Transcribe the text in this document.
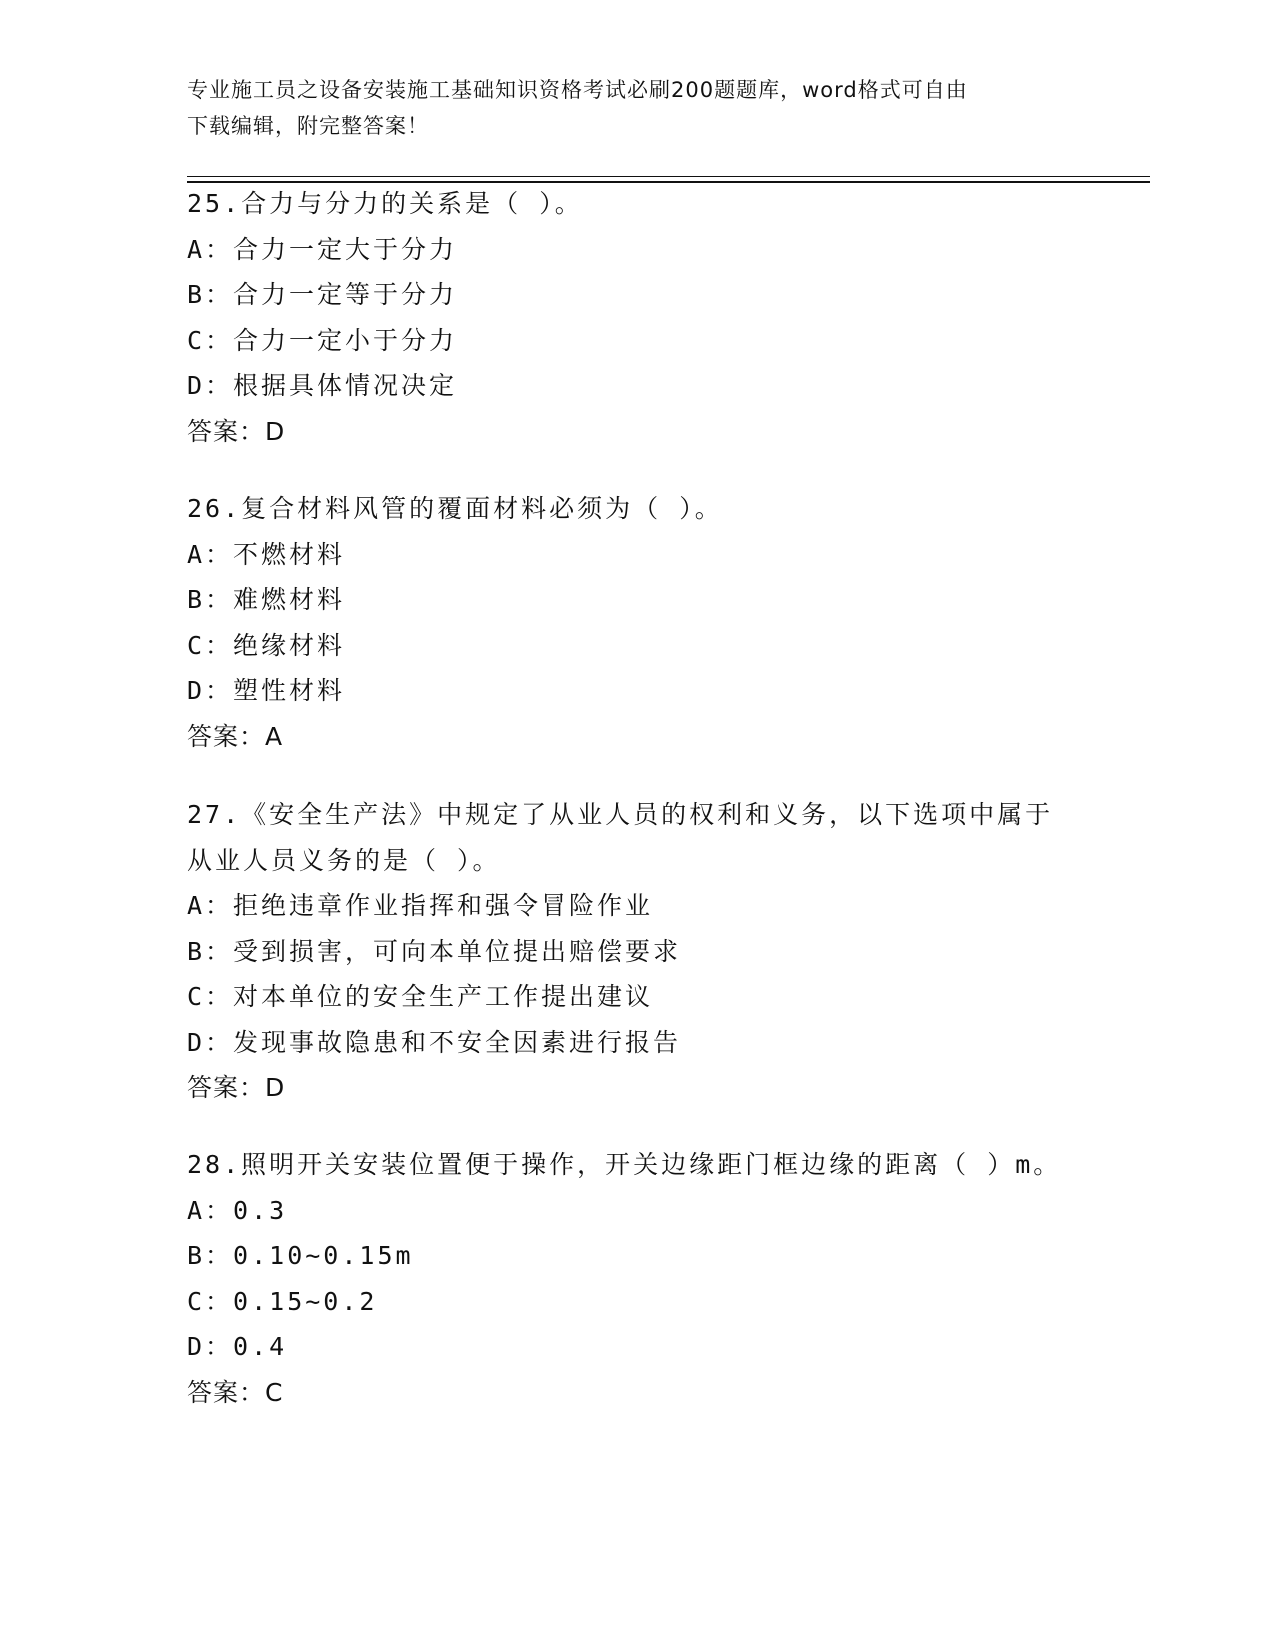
专业施工员之设备安装施工基础知识资格考试必刷200题题库，word格式可自由
下载编辑，附完整答案！
25.合力与分力的关系是（ ）。
A：合力一定大于分力
B：合力一定等于分力
C：合力一定小于分力
D：根据具体情况决定
答案：D
26.复合材料风管的覆面材料必须为（ ）。
A：不燃材料
B：难燃材料
C：绝缘材料
D：塑性材料
答案：A
27.《安全生产法》中规定了从业人员的权利和义务，以下选项中属于
从业人员义务的是（ ）。
A：拒绝违章作业指挥和强令冒险作业
B：受到损害，可向本单位提出赔偿要求
C：对本单位的安全生产工作提出建议
D：发现事故隐患和不安全因素进行报告
答案：D
28.照明开关安装位置便于操作，开关边缘距门框边缘的距离（ ）m。
A：0.3
B：0.10~0.15m
C：0.15~0.2
D：0.4
答案：C
